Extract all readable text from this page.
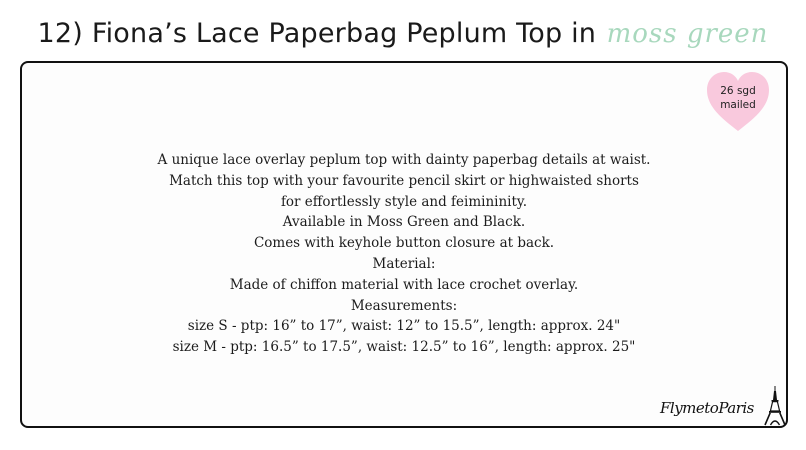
12) Fiona’s Lace Paperbag Peplum Top in moss green
26 sgd
mailed
A unique lace overlay peplum top with dainty paperbag details at waist.
Match this top with your favourite pencil skirt or highwaisted shorts
for effortlessly style and feimininity.
Available in Moss Green and Black.
Comes with keyhole button closure at back.
Material:
Made of chiffon material with lace crochet overlay.
Measurements:
size S - ptp: 16” to 17”, waist: 12” to 15.5”, length: approx. 24"
size M - ptp: 16.5” to 17.5”, waist: 12.5” to 16”, length: approx. 25"
FlymetoParis
